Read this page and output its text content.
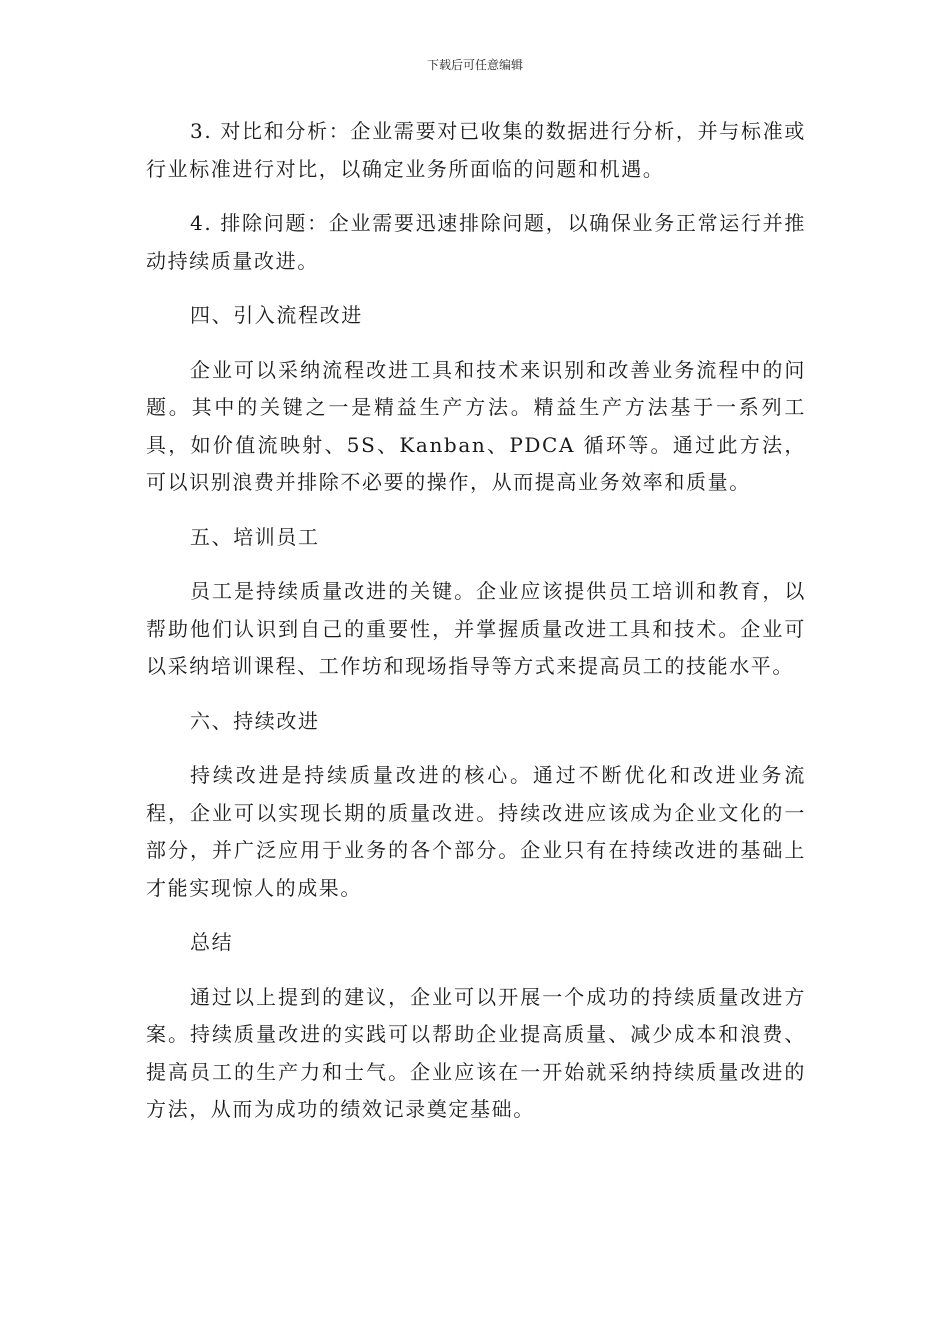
下载后可任意编辑

3. 对比和分析：企业需要对已收集的数据进行分析，并与标准或行业标准进行对比，以确定业务所面临的问题和机遇。

4. 排除问题：企业需要迅速排除问题，以确保业务正常运行并推动持续质量改进。

四、引入流程改进

企业可以采纳流程改进工具和技术来识别和改善业务流程中的问题。其中的关键之一是精益生产方法。精益生产方法基于一系列工具，如价值流映射、5S、Kanban、PDCA 循环等。通过此方法，可以识别浪费并排除不必要的操作，从而提高业务效率和质量。

五、培训员工

员工是持续质量改进的关键。企业应该提供员工培训和教育，以帮助他们认识到自己的重要性，并掌握质量改进工具和技术。企业可以采纳培训课程、工作坊和现场指导等方式来提高员工的技能水平。

六、持续改进

持续改进是持续质量改进的核心。通过不断优化和改进业务流程，企业可以实现长期的质量改进。持续改进应该成为企业文化的一部分，并广泛应用于业务的各个部分。企业只有在持续改进的基础上才能实现惊人的成果。

总结

通过以上提到的建议，企业可以开展一个成功的持续质量改进方案。持续质量改进的实践可以帮助企业提高质量、减少成本和浪费、提高员工的生产力和士气。企业应该在一开始就采纳持续质量改进的方法，从而为成功的绩效记录奠定基础。
